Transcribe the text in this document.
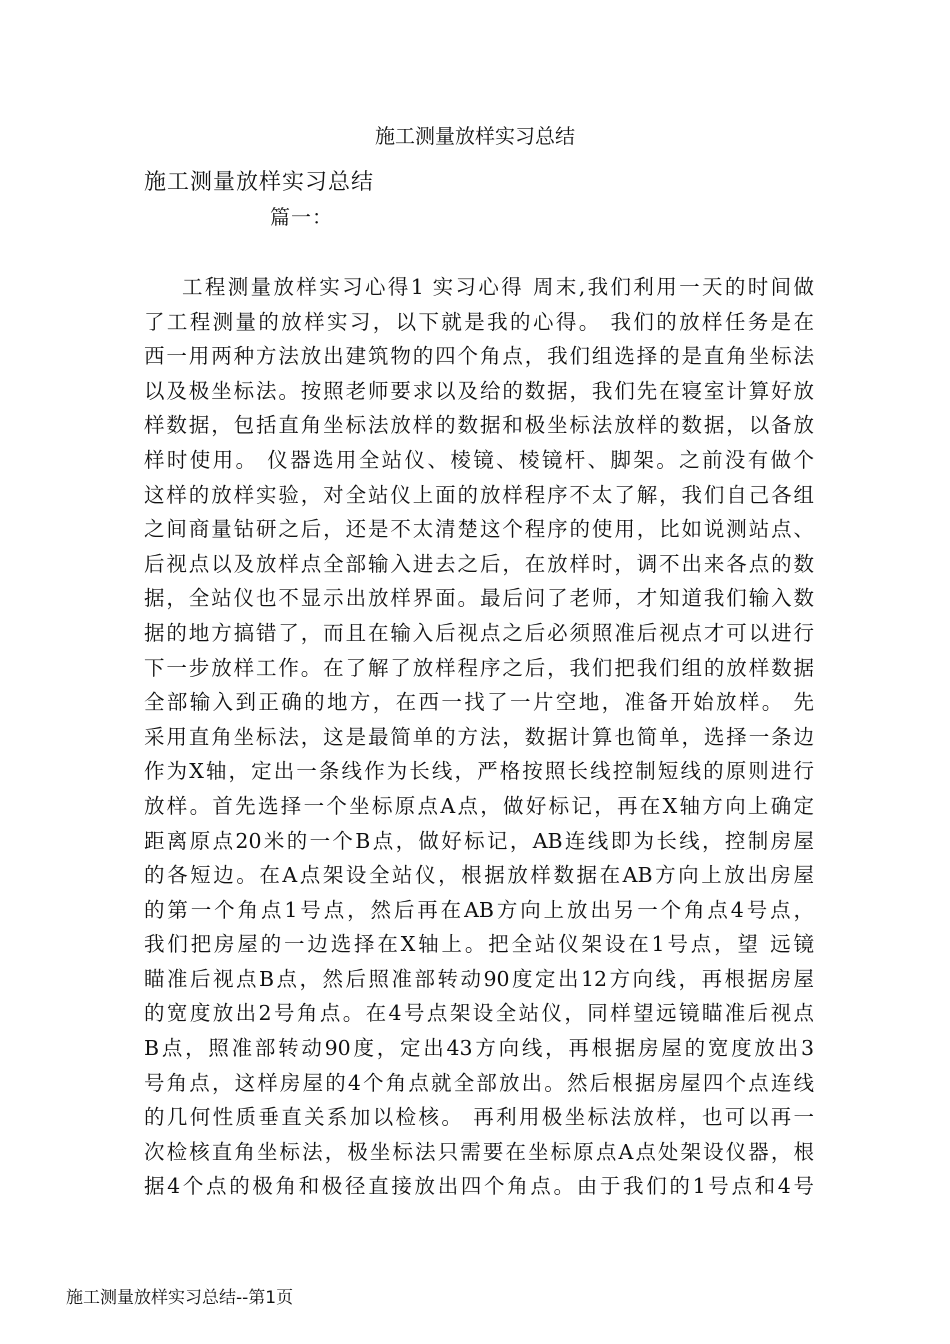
施工测量放样实习总结
施工测量放样实习总结
篇一：
工程测量放样实习心得1 实习心得 周末,我们利用一天的时间做
了工程测量的放样实习，以下就是我的心得。 我们的放样任务是在
西一用两种方法放出建筑物的四个角点，我们组选择的是直角坐标法
以及极坐标法。按照老师要求以及给的数据，我们先在寝室计算好放
样数据，包括直角坐标法放样的数据和极坐标法放样的数据，以备放
样时使用。 仪器选用全站仪、棱镜、棱镜杆、脚架。之前没有做个
这样的放样实验，对全站仪上面的放样程序不太了解，我们自己各组
之间商量钻研之后，还是不太清楚这个程序的使用，比如说测站点、
后视点以及放样点全部输入进去之后，在放样时，调不出来各点的数
据，全站仪也不显示出放样界面。最后问了老师，才知道我们输入数
据的地方搞错了，而且在输入后视点之后必须照准后视点才可以进行
下一步放样工作。在了解了放样程序之后，我们把我们组的放样数据
全部输入到正确的地方，在西一找了一片空地，准备开始放样。 先
采用直角坐标法，这是最简单的方法，数据计算也简单，选择一条边
作为X轴，定出一条线作为长线，严格按照长线控制短线的原则进行
放样。首先选择一个坐标原点A点，做好标记，再在X轴方向上确定
距离原点20米的一个B点，做好标记，AB连线即为长线，控制房屋
的各短边。在A点架设全站仪，根据放样数据在AB方向上放出房屋
的第一个角点1号点，然后再在AB方向上放出另一个角点4号点，
我们把房屋的一边选择在X轴上。把全站仪架设在1号点，望 远镜
瞄准后视点B点，然后照准部转动90度定出12方向线，再根据房屋
的宽度放出2号角点。在4号点架设全站仪，同样望远镜瞄准后视点
B点，照准部转动90度，定出43方向线，再根据房屋的宽度放出3
号角点，这样房屋的4个角点就全部放出。然后根据房屋四个点连线
的几何性质垂直关系加以检核。 再利用极坐标法放样，也可以再一
次检核直角坐标法，极坐标法只需要在坐标原点A点处架设仪器，根
据4个点的极角和极径直接放出四个角点。由于我们的1号点和4号
施工测量放样实习总结--第1页
